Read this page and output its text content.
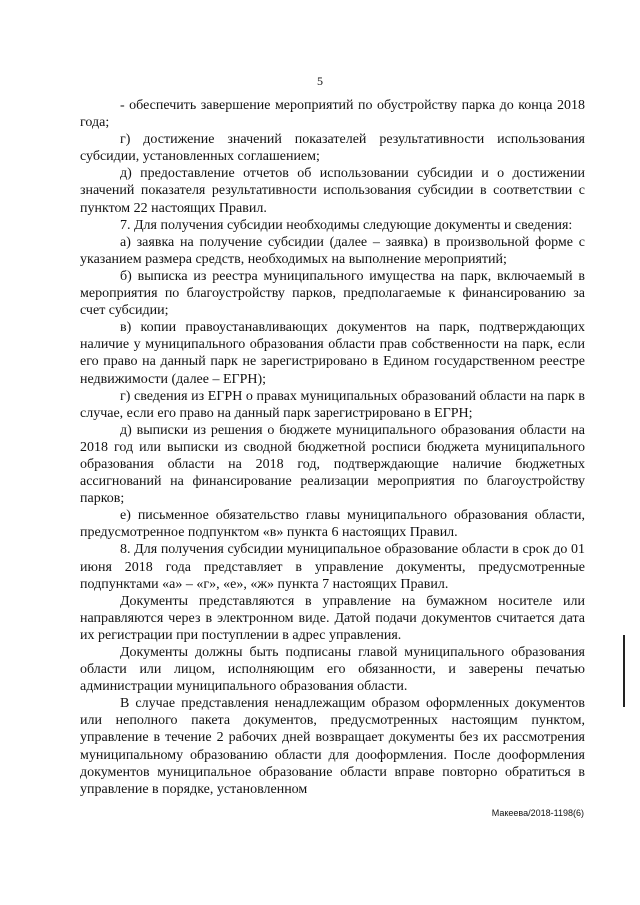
5

- обеспечить завершение мероприятий по обустройству парка до конца 2018 года;

г) достижение значений показателей результативности использования субсидии, установленных соглашением;

д) предоставление отчетов об использовании субсидии и о достижении значений показателя результативности использования субсидии в соответствии с пунктом 22 настоящих Правил.

7. Для получения субсидии необходимы следующие документы и сведения:

а) заявка на получение субсидии (далее – заявка) в произвольной форме с указанием размера средств, необходимых на выполнение мероприятий;

б) выписка из реестра муниципального имущества на парк, включаемый в мероприятия по благоустройству парков, предполагаемые к финансированию за счет субсидии;

в) копии правоустанавливающих документов на парк, подтверждающих наличие у муниципального образования области прав собственности на парк, если его право на данный парк не зарегистрировано в Едином государственном реестре недвижимости (далее – ЕГРН);

г) сведения из ЕГРН о правах муниципальных образований области на парк в случае, если его право на данный парк зарегистрировано в ЕГРН;

д) выписки из решения о бюджете муниципального образования области на 2018 год или выписки из сводной бюджетной росписи бюджета муниципального образования области на 2018 год, подтверждающие наличие бюджетных ассигнований на финансирование реализации мероприятия по благоустройству парков;

е) письменное обязательство главы муниципального образования области, предусмотренное подпунктом «в» пункта 6 настоящих Правил.

8. Для получения субсидии муниципальное образование области в срок до 01 июня 2018 года представляет в управление документы, предусмотренные подпунктами «а» – «г», «е», «ж» пункта 7 настоящих Правил.

Документы представляются в управление на бумажном носителе или направляются через в электронном виде. Датой подачи документов считается дата их регистрации при поступлении в адрес управления.

Документы должны быть подписаны главой муниципального образования области или лицом, исполняющим его обязанности, и заверены печатью администрации муниципального образования области.

В случае представления ненадлежащим образом оформленных документов или неполного пакета документов, предусмотренных настоящим пунктом, управление в течение 2 рабочих дней возвращает документы без их рассмотрения муниципальному образованию области для дооформления. После дооформления документов муниципальное образование области вправе повторно обратиться в управление в порядке, установленном

Макеева/2018-1198(6)
